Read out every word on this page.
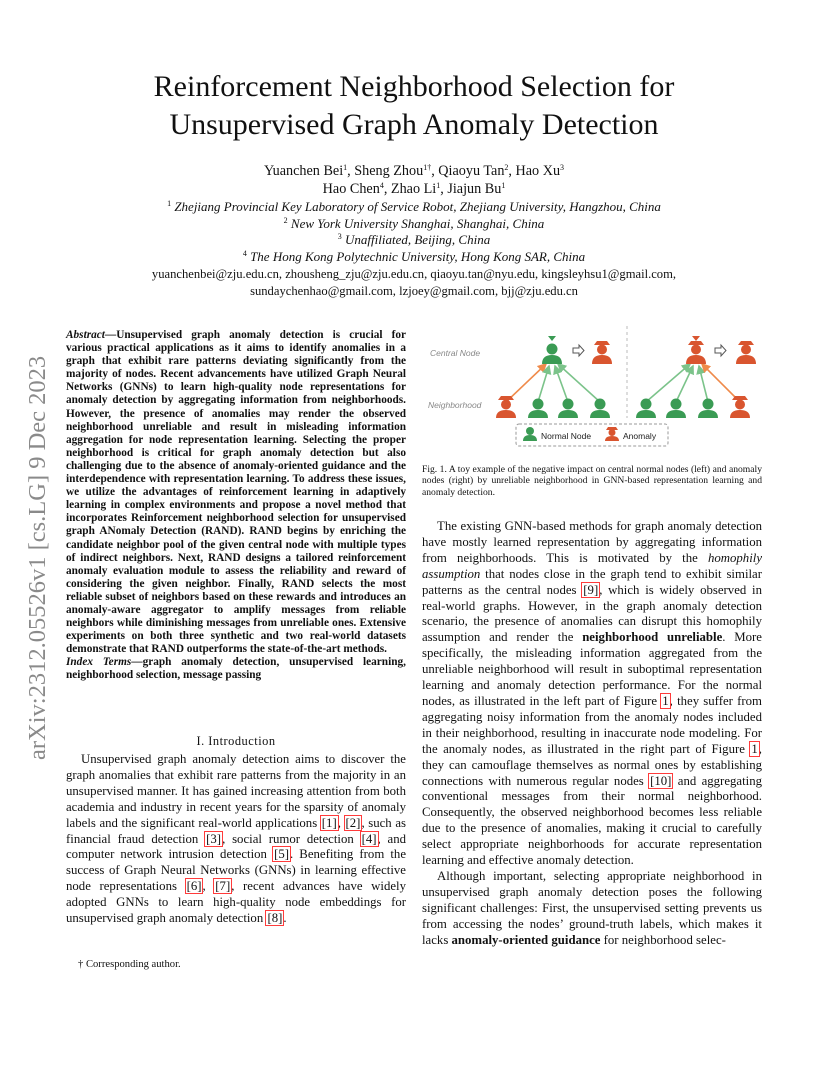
arXiv:2312.05526v1 [cs.LG] 9 Dec 2023
Reinforcement Neighborhood Selection for
Unsupervised Graph Anomaly Detection
Yuanchen Bei$^1$, Sheng Zhou$^{1\dagger}$, Qiaoyu Tan$^2$, Hao Xu$^3$
Hao Chen$^4$, Zhao Li$^1$, Jiajun Bu$^1$
$^1$ Zhejiang Provincial Key Laboratory of Service Robot, Zhejiang University, Hangzhou, China
$^2$ New York University Shanghai, Shanghai, China
$^3$ Unaffiliated, Beijing, China
$^4$ The Hong Kong Polytechnic University, Hong Kong SAR, China
yuanchenbei@zju.edu.cn, zhousheng_zju@zju.edu.cn, qiaoyu.tan@nyu.edu, kingsleyhsu1@gmail.com,
sundaychenhao@gmail.com, lzjoey@gmail.com, bjj@zju.edu.cn

Abstract—Unsupervised graph anomaly detection is crucial for various practical applications as it aims to identify anomalies in a graph that exhibit rare patterns deviating significantly from the majority of nodes. Recent advancements have utilized Graph Neural Networks (GNNs) to learn high-quality node representations for anomaly detection by aggregating information from neighborhoods. However, the presence of anomalies may render the observed neighborhood unreliable and result in misleading information aggregation for node representation learning. Selecting the proper neighborhood is critical for graph anomaly detection but also challenging due to the absence of anomaly-oriented guidance and the interdependence with representation learning. To address these issues, we utilize the advantages of reinforcement learning in adaptively learning in complex environments and propose a novel method that incorporates Reinforcement neighborhood selection for unsupervised graph ANomaly Detection (RAND). RAND begins by enriching the candidate neighbor pool of the given central node with multiple types of indirect neighbors. Next, RAND designs a tailored reinforcement anomaly evaluation module to assess the reliability and reward of considering the given neighbor. Finally, RAND selects the most reliable subset of neighbors based on these rewards and introduces an anomaly-aware aggregator to amplify messages from reliable neighbors while diminishing messages from unreliable ones. Extensive experiments on both three synthetic and two real-world datasets demonstrate that RAND outperforms the state-of-the-art methods.

Index Terms—graph anomaly detection, unsupervised learning, neighborhood selection, message passing

I. Introduction

Unsupervised graph anomaly detection aims to discover the graph anomalies that exhibit rare patterns from the majority in an unsupervised manner. It has gained increasing attention from both academia and industry in recent years for the sparsity of anomaly labels and the significant real-world applications [1], [2], such as financial fraud detection [3], social rumor detection [4], and computer network intrusion detection [5]. Benefiting from the success of Graph Neural Networks (GNNs) in learning effective node representations [6], [7], recent advances have widely adopted GNNs to learn high-quality node embeddings for unsupervised graph anomaly detection [8].

† Corresponding author.
Central Node
Neighborhood
Normal Node	Anomaly
Fig. 1. A toy example of the negative impact on central normal nodes (left) and anomaly nodes (right) by unreliable neighborhood in GNN-based representation learning and anomaly detection.

The existing GNN-based methods for graph anomaly detection have mostly learned representation by aggregating information from neighborhoods. This is motivated by the homophily assumption that nodes close in the graph tend to exhibit similar patterns as the central nodes [9], which is widely observed in real-world graphs. However, in the graph anomaly detection scenario, the presence of anomalies can disrupt this homophily assumption and render the neighborhood unreliable. More specifically, the misleading information aggregated from the unreliable neighborhood will result in suboptimal representation learning and anomaly detection performance. For the normal nodes, as illustrated in the left part of Figure 1, they suffer from aggregating noisy information from the anomaly nodes included in their neighborhood, resulting in inaccurate node modeling. For the anomaly nodes, as illustrated in the right part of Figure 1, they can camouflage themselves as normal ones by establishing connections with numerous regular nodes [10] and aggregating conventional messages from their normal neighborhood. Consequently, the observed neighborhood becomes less reliable due to the presence of anomalies, making it crucial to carefully select appropriate neighborhoods for accurate representation learning and effective anomaly detection.

Although important, selecting appropriate neighborhood in unsupervised graph anomaly detection poses the following significant challenges: First, the unsupervised setting prevents us from accessing the nodes’ ground-truth labels, which makes it lacks anomaly-oriented guidance for neighborhood selec-
